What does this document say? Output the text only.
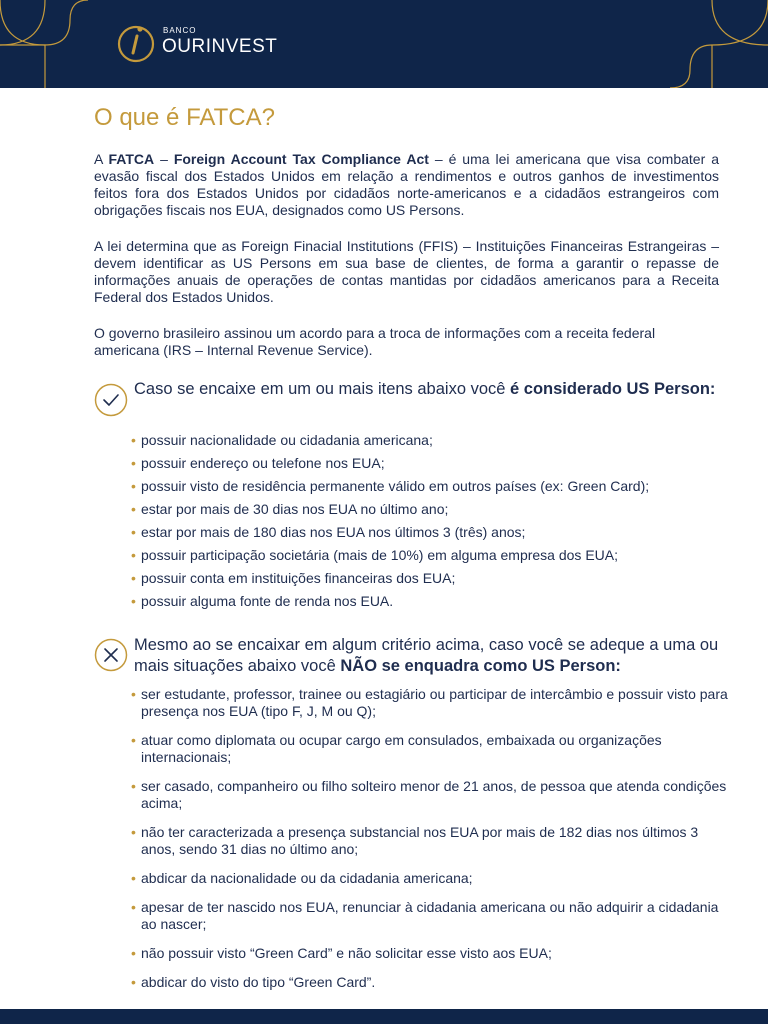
BANCO
OURINVEST
O que é FATCA?

A FATCA – Foreign Account Tax Compliance Act – é uma lei americana que visa combater a evasão fiscal dos Estados Unidos em relação a rendimentos e outros ganhos de investimentos feitos fora dos Estados Unidos por cidadãos norte-americanos e a cidadãos estrangeiros com obrigações fiscais nos EUA, designados como US Persons.

A lei determina que as Foreign Finacial Institutions (FFIS) – Instituições Financeiras Estrangeiras – devem identificar as US Persons em sua base de clientes, de forma a garantir o repasse de informações anuais de operações de contas mantidas por cidadãos americanos para a Receita Federal dos Estados Unidos.

O governo brasileiro assinou um acordo para a troca de informações com a receita federal americana (IRS – Internal Revenue Service).

Caso se encaixe em um ou mais itens abaixo você é considerado US Person:

• possuir nacionalidade ou cidadania americana;
• possuir endereço ou telefone nos EUA;
• possuir visto de residência permanente válido em outros países (ex: Green Card);
• estar por mais de 30 dias nos EUA no último ano;
• estar por mais de 180 dias nos EUA nos últimos 3 (três) anos;
• possuir participação societária (mais de 10%) em alguma empresa dos EUA;
• possuir conta em instituições financeiras dos EUA;
• possuir alguma fonte de renda nos EUA.

Mesmo ao se encaixar em algum critério acima, caso você se adeque a uma ou mais situações abaixo você NÃO se enquadra como US Person:

• ser estudante, professor, trainee ou estagiário ou participar de intercâmbio e possuir visto para presença nos EUA (tipo F, J, M ou Q);
• atuar como diplomata ou ocupar cargo em consulados, embaixada ou organizações internacionais;
• ser casado, companheiro ou filho solteiro menor de 21 anos, de pessoa que atenda condições acima;
• não ter caracterizada a presença substancial nos EUA por mais de 182 dias nos últimos 3 anos, sendo 31 dias no último ano;
• abdicar da nacionalidade ou da cidadania americana;
• apesar de ter nascido nos EUA, renunciar à cidadania americana ou não adquirir a cidadania ao nascer;
• não possuir visto “Green Card” e não solicitar esse visto aos EUA;
• abdicar do visto do tipo “Green Card”.
